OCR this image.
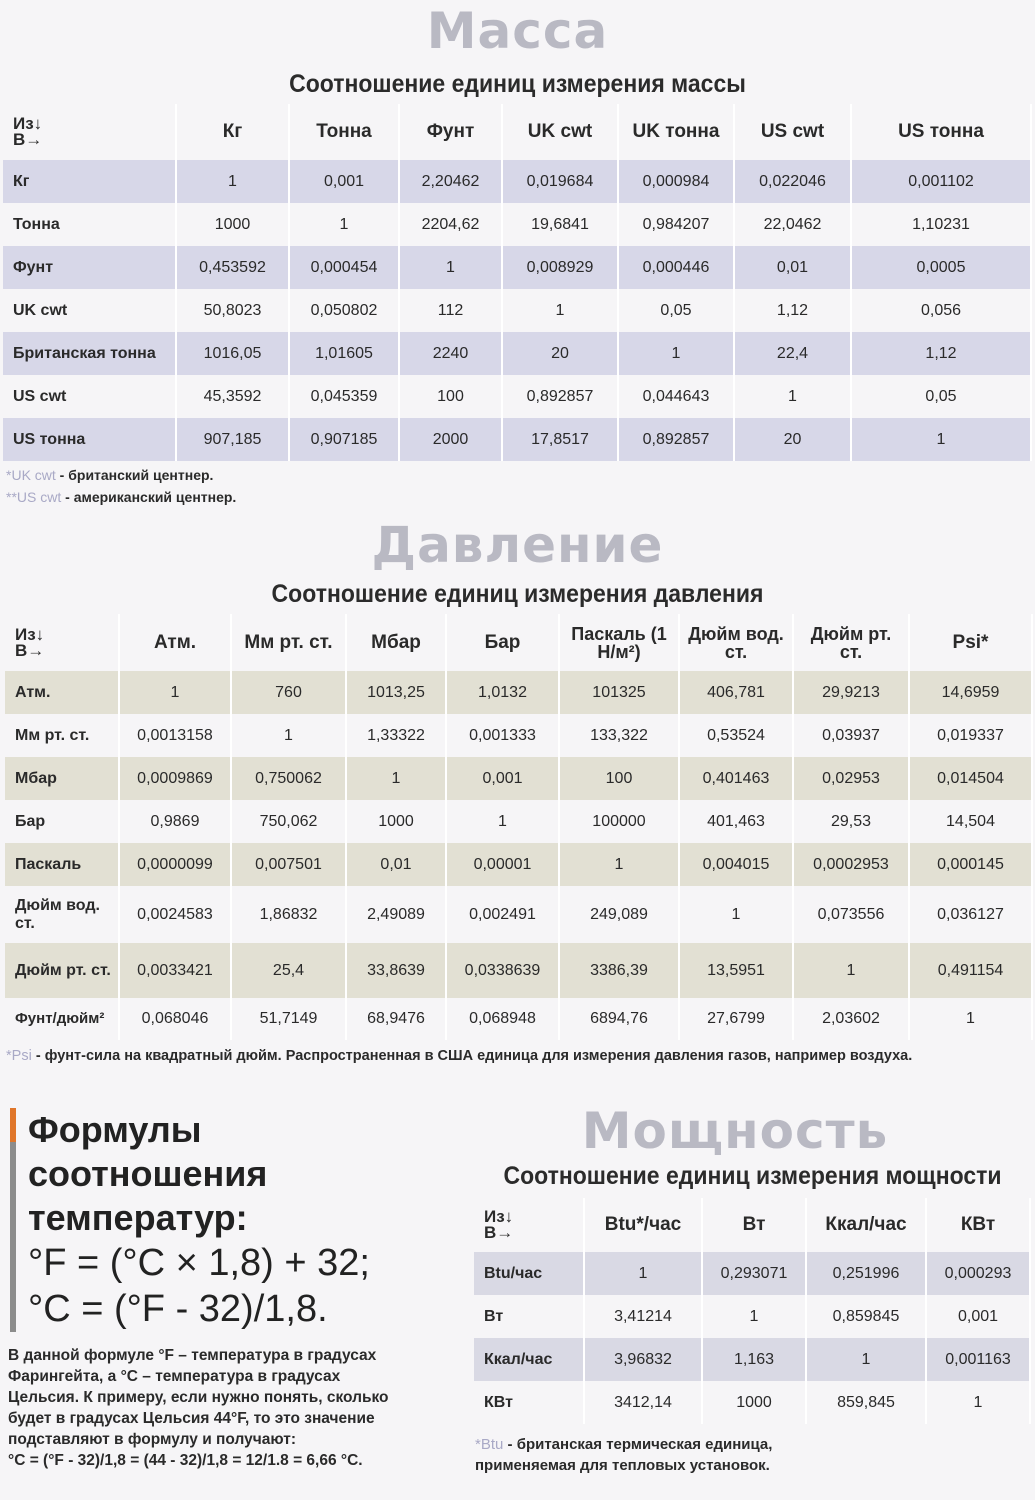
Масса
Соотношение единиц измерения массы
Из↓
В→	Кг	Тонна	Фунт	UK cwt	UK тонна	US cwt	US тонна
Кг	1	0,001	2,20462	0,019684	0,000984	0,022046	0,001102
Тонна	1000	1	2204,62	19,6841	0,984207	22,0462	1,10231
Фунт	0,453592	0,000454	1	0,008929	0,000446	0,01	0,0005
UK cwt	50,8023	0,050802	112	1	0,05	1,12	0,056
Британская тонна	1016,05	1,01605	2240	20	1	22,4	1,12
US cwt	45,3592	0,045359	100	0,892857	0,044643	1	0,05
US тонна	907,185	0,907185	2000	17,8517	0,892857	20	1
*UK cwt - британский центнер.
**US cwt - американский центнер.
Давление
Соотношение единиц измерения давления
Из↓
В→	Атм.	Мм рт. ст.	Мбар	Бар	Паскаль (1 Н/м²)	Дюйм вод. ст.	Дюйм рт. ст.	Psi*
Атм.	1	760	1013,25	1,0132	101325	406,781	29,9213	14,6959
Мм рт. ст.	0,0013158	1	1,33322	0,001333	133,322	0,53524	0,03937	0,019337
Мбар	0,0009869	0,750062	1	0,001	100	0,401463	0,02953	0,014504
Бар	0,9869	750,062	1000	1	100000	401,463	29,53	14,504
Паскаль	0,0000099	0,007501	0,01	0,00001	1	0,004015	0,0002953	0,000145
Дюйм вод. ст.	0,0024583	1,86832	2,49089	0,002491	249,089	1	0,073556	0,036127
Дюйм рт. ст.	0,0033421	25,4	33,8639	0,0338639	3386,39	13,5951	1	0,491154
Фунт/дюйм²	0,068046	51,7149	68,9476	0,068948	6894,76	27,6799	2,03602	1
*Psi - фунт-сила на квадратный дюйм. Распространенная в США единица для измерения давления газов, например воздуха.
Формулы
соотношения
температур:
°F = (°C × 1,8) + 32;
°C = (°F - 32)/1,8.
В данной формуле °F – температура в градусах
Фарингейта, а °C – температура в градусах
Цельсия. К примеру, если нужно понять, сколько
будет в градусах Цельсия 44°F, то это значение
подставляют в формулу и получают:
°C = (°F - 32)/1,8 = (44 - 32)/1,8 = 12/1.8 = 6,66 °C.
Мощность
Соотношение единиц измерения мощности
Из↓
В→	Btu*/час	Вт	Ккал/час	КВт
Btu/час	1	0,293071	0,251996	0,000293
Вт	3,41214	1	0,859845	0,001
Ккал/час	3,96832	1,163	1	0,001163
КВт	3412,14	1000	859,845	1
*Btu - британская термическая единица,
применяемая для тепловых установок.
